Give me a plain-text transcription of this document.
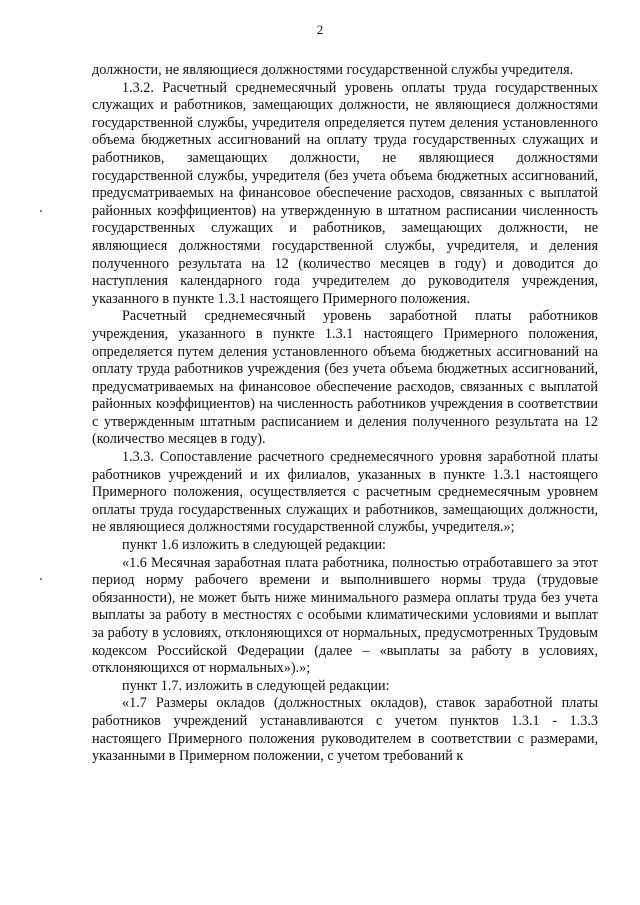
2

должности, не являющиеся должностями государственной службы учредителя.

1.3.2. Расчетный среднемесячный уровень оплаты труда государственных служащих и работников, замещающих должности, не являющиеся должностями государственной службы, учредителя определяется путем деления установленного объема бюджетных ассигнований на оплату труда государственных служащих и работников, замещающих должности, не являющиеся должностями государственной службы, учредителя (без учета объема бюджетных ассигнований, предусматриваемых на финансовое обеспечение расходов, связанных с выплатой районных коэффициентов) на утвержденную в штатном расписании численность государственных служащих и работников, замещающих должности, не являющиеся должностями государственной службы, учредителя, и деления полученного результата на 12 (количество месяцев в году) и доводится до наступления календарного года учредителем до руководителя учреждения, указанного в пункте 1.3.1 настоящего Примерного положения.

Расчетный среднемесячный уровень заработной платы работников учреждения, указанного в пункте 1.3.1 настоящего Примерного положения, определяется путем деления установленного объема бюджетных ассигнований на оплату труда работников учреждения (без учета объема бюджетных ассигнований, предусматриваемых на финансовое обеспечение расходов, связанных с выплатой районных коэффициентов) на численность работников учреждения в соответствии с утвержденным штатным расписанием и деления полученного результата на 12 (количество месяцев в году).

1.3.3. Сопоставление расчетного среднемесячного уровня заработной платы работников учреждений и их филиалов, указанных в пункте 1.3.1 настоящего Примерного положения, осуществляется с расчетным среднемесячным уровнем оплаты труда государственных служащих и работников, замещающих должности, не являющиеся должностями государственной службы, учредителя.»;

пункт 1.6 изложить в следующей редакции:

«1.6 Месячная заработная плата работника, полностью отработавшего за этот период норму рабочего времени и выполнившего нормы труда (трудовые обязанности), не может быть ниже минимального размера оплаты труда без учета выплаты за работу в местностях с особыми климатическими условиями и выплат за работу в условиях, отклоняющихся от нормальных, предусмотренных Трудовым кодексом Российской Федерации (далее – «выплаты за работу в условиях, отклоняющихся от нормальных»).»;

пункт 1.7. изложить в следующей редакции:

«1.7 Размеры окладов (должностных окладов), ставок заработной платы работников учреждений устанавливаются с учетом пунктов 1.3.1 - 1.3.3 настоящего Примерного положения руководителем в соответствии с размерами, указанными в Примерном положении, с учетом требований к
